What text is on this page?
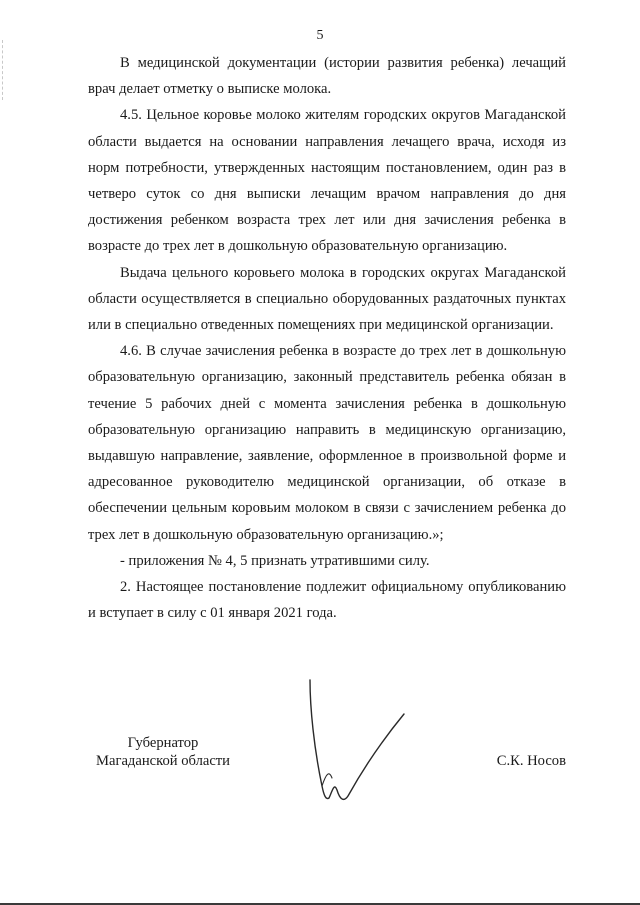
5

В медицинской документации (истории развития ребенка) лечащий врач делает отметку о выписке молока.

4.5. Цельное коровье молоко жителям городских округов Магаданской области выдается на основании направления лечащего врача, исходя из норм потребности, утвержденных настоящим постановлением, один раз в четверо суток со дня выписки лечащим врачом направления до дня достижения ребенком возраста трех лет или дня зачисления ребенка в возрасте до трех лет в дошкольную образовательную организацию.

Выдача цельного коровьего молока в городских округах Магаданской области осуществляется в специально оборудованных раздаточных пунктах или в специально отведенных помещениях при медицинской организации.

4.6. В случае зачисления ребенка в возрасте до трех лет в дошкольную образовательную организацию, законный представитель ребенка обязан в течение 5 рабочих дней с момента зачисления ребенка в дошкольную образовательную организацию направить в медицинскую организацию, выдавшую направление, заявление, оформленное в произвольной форме и адресованное руководителю медицинской организации, об отказе в обеспечении цельным коровьим молоком в связи с зачислением ребенка до трех лет в дошкольную образовательную организацию.»;

- приложения № 4, 5 признать утратившими силу.

2. Настоящее постановление подлежит официальному опубликованию и вступает в силу с 01 января 2021 года.

Губернатор
Магаданской области	С.К. Носов
